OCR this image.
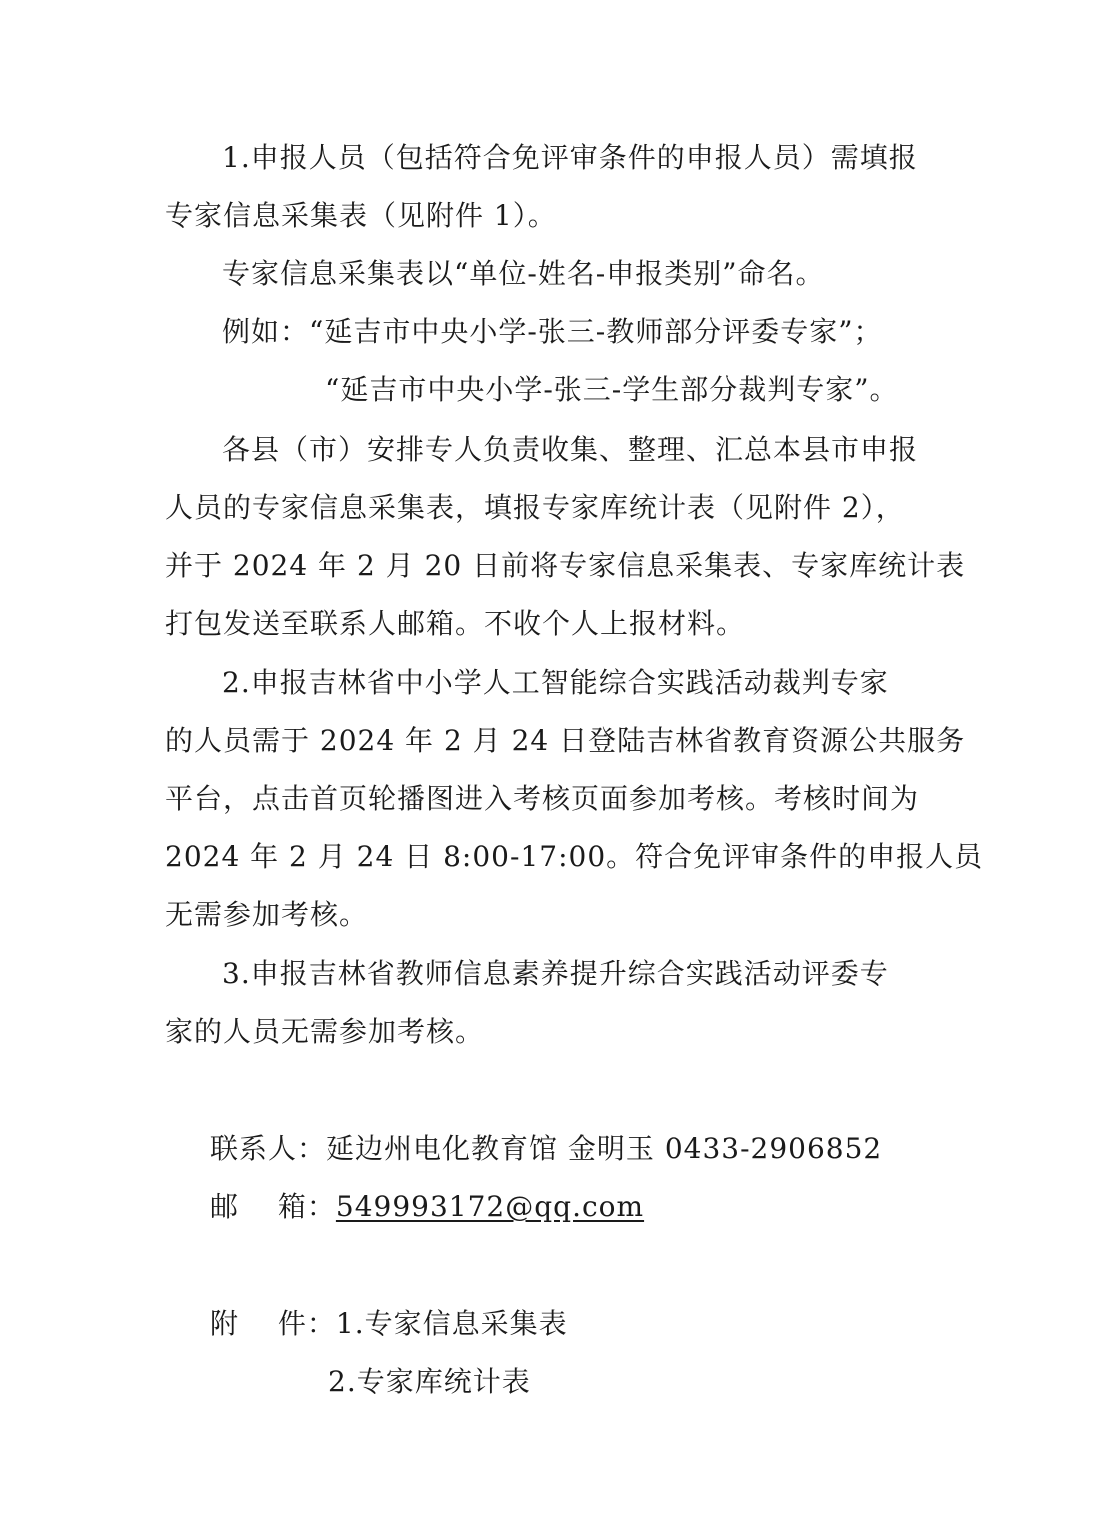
1.申报人员（包括符合免评审条件的申报人员）需填报
专家信息采集表（见附件 1）。
专家信息采集表以“单位-姓名-申报类别”命名。
例如：“延吉市中央小学-张三-教师部分评委专家”；
“延吉市中央小学-张三-学生部分裁判专家”。
各县（市）安排专人负责收集、整理、汇总本县市申报
人员的专家信息采集表，填报专家库统计表（见附件 2），
并于 2024 年 2 月 20 日前将专家信息采集表、专家库统计表
打包发送至联系人邮箱。不收个人上报材料。
2.申报吉林省中小学人工智能综合实践活动裁判专家
的人员需于 2024 年 2 月 24 日登陆吉林省教育资源公共服务
平台，点击首页轮播图进入考核页面参加考核。考核时间为
2024 年 2 月 24 日 8:00-17:00。符合免评审条件的申报人员
无需参加考核。
3.申报吉林省教师信息素养提升综合实践活动评委专
家的人员无需参加考核。
联系人：延边州电化教育馆 金明玉 0433-2906852
邮　 箱：549993172@qq.com
附　 件：1.专家信息采集表
2.专家库统计表
